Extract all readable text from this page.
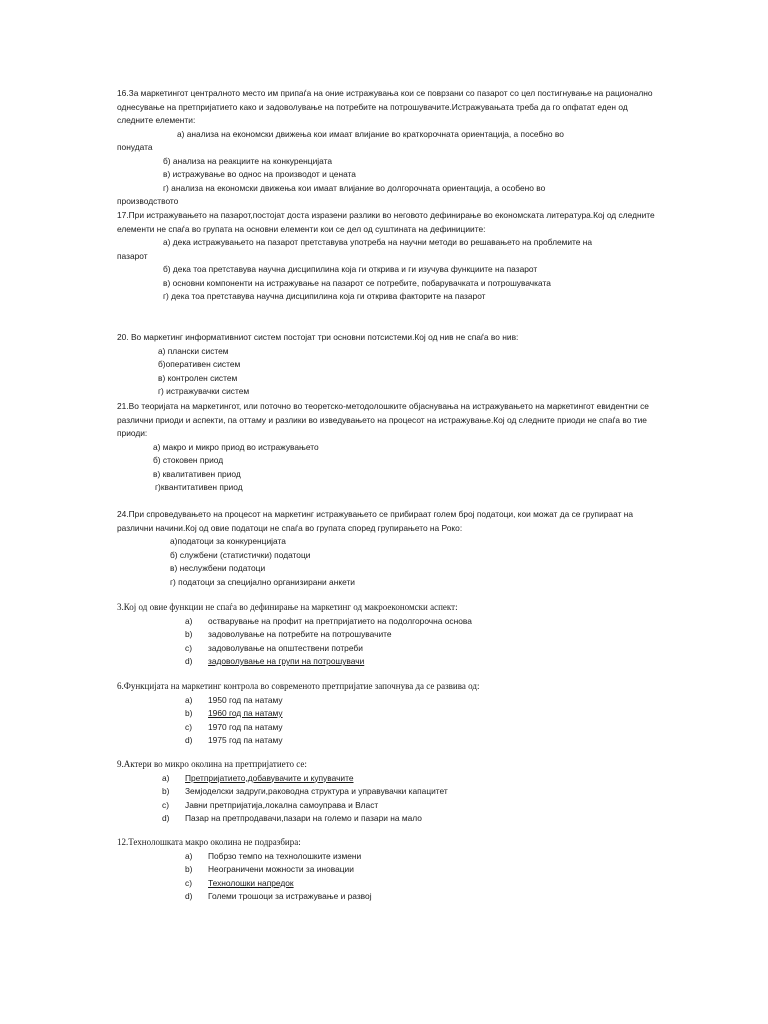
16.За маркетингот централното место им припаѓа на оние истражувања кои се поврзани со пазарот со цел постигнување на рационално однесување на претпријатието како и задоволување на потребите на потрошувачите.Истражувањата треба да го опфатат еден од следните елементи:

а) анализа на економски движења кои имаат влијание во краткорочната ориентација, а посебно во

понудата

б) анализа на реакциите на конкуренцијата

в) истражување во однос на производот и цената

г) анализа на економски движења кои имаат влијание во долгорочната ориентација, а особено во

производството

17.При истражувањето на пазарот,постојат доста изразени разлики во неговото дефинирање во економската литература.Кој од следните елементи не спаѓа во групата на основни елементи кои се дел од суштината на дефинициите:

а) дека истражувањето на пазарот претставува употреба на научни методи во решавањето на проблемите на

пазарот

б) дека тоа претставува научна дисципилина која ги открива и ги изучува функциите на пазарот

в) основни компоненти на истражување на пазарот се потребите, побарувачката и потрошувачката

г) дека тоа претставува научна дисципилина која ги открива факторите на пазарот

20. Во маркетинг информативниот систем постојат три основни потсистеми.Кој од нив не спаѓа во нив:

а) плански систем

б)оперативен систем

в) контролен систем

г) истражувачки систем

21.Во теоријата на маркетингот, или поточно во теоретско-методолошките објаснувања на истражувањето на маркетингот евидентни се различни приоди и аспекти, па оттаму и разлики во изведувањето на процесот на истражување.Кој од следните приоди не спаѓа во тие приоди:

а) макро и микро приод во истражувањето

б) стоковен приод

в) квалитативен приод

г)квантитативен приод

24.При спроведувањето на процесот на маркетинг истражувањето се прибираат голем број податоци, кои можат да се групираат на различни начини.Кој од овие податоци не спаѓа во групата според групирањето на Роко:

а)податоци за конкуренцијата

б) службени (статистички) податоци

в) неслужбени податоци

г) податоци за специјално организирани анкети

3.Кој од овие функции не спаѓа во дефинирање на маркетинг од макроекономски аспект:

a)	остварување на профит на претпријатието на подолгорочна основа
b)	задоволување на потребите на потрошувачите
c)	задоволување на општествени потреби
d)	задоволување на групи на потрошувачи

6.Функцијата на маркетинг контрола во современото претпријатие започнува да се развива од:

a)	1950 год па натаму
b)	1960 год па натаму
c)	1970 год па натаму
d)	1975 год па натаму

9.Актери во микро околина на претпријатието се:

a)	Претпријатието,добавувачите и купувачите
b)	Земјоделски задруги,раководна структура и управувачки капацитет
c)	Јавни претпријатија,локална самоуправа и Власт
d)	Пазар на претпродавачи,пазари на големо и пазари на мало

12.Технолошката макро околина не подразбира:

a)	Побрзо темпо на технолошките измени
b)	Неограничени можности за иновации
c)	Технолошки напредок
d)	Големи трошоци за истражување и развој
